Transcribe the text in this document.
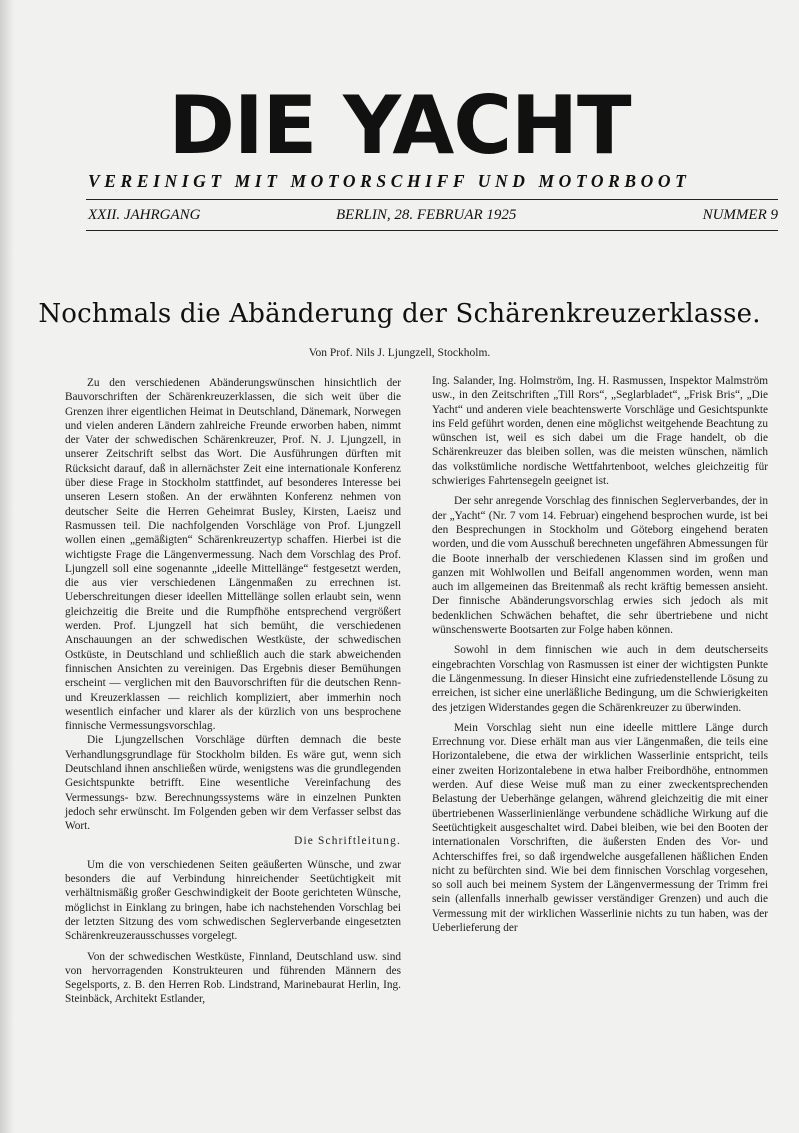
DIE YACHT
VEREINIGT MIT MOTORSCHIFF UND MOTORBOOT
XXII. JAHRGANG	BERLIN, 28. FEBRUAR 1925	NUMMER 9
Nochmals die Abänderung der Schärenkreuzerklasse.
Von Prof. Nils J. Ljungzell, Stockholm.

Zu den verschiedenen Abänderungswünschen hinsichtlich der Bauvorschriften der Schärenkreuzerklassen, die sich weit über die Grenzen ihrer eigentlichen Heimat in Deutschland, Dänemark, Norwegen und vielen anderen Ländern zahlreiche Freunde erworben haben, nimmt der Vater der schwedischen Schärenkreuzer, Prof. N. J. Ljungzell, in unserer Zeitschrift selbst das Wort. Die Ausführungen dürften mit Rücksicht darauf, daß in allernächster Zeit eine internationale Konferenz über diese Frage in Stockholm stattfindet, auf besonderes Interesse bei unseren Lesern stoßen. An der erwähnten Konferenz nehmen von deutscher Seite die Herren Geheimrat Busley, Kirsten, Laeisz und Rasmussen teil. Die nachfolgenden Vorschläge von Prof. Ljungzell wollen einen „gemäßigten“ Schärenkreuzertyp schaffen. Hierbei ist die wichtigste Frage die Längenvermessung. Nach dem Vorschlag des Prof. Ljungzell soll eine sogenannte „ideelle Mittellänge“ festgesetzt werden, die aus vier verschiedenen Längenmaßen zu errechnen ist. Ueberschreitungen dieser ideellen Mittellänge sollen erlaubt sein, wenn gleichzeitig die Breite und die Rumpfhöhe entsprechend vergrößert werden. Prof. Ljungzell hat sich bemüht, die verschiedenen Anschauungen an der schwedischen Westküste, der schwedischen Ostküste, in Deutschland und schließlich auch die stark abweichenden finnischen Ansichten zu vereinigen. Das Ergebnis dieser Bemühungen erscheint — verglichen mit den Bauvorschriften für die deutschen Renn- und Kreuzerklassen — reichlich kompliziert, aber immerhin noch wesentlich einfacher und klarer als der kürzlich von uns besprochene finnische Vermessungsvorschlag.

Die Ljungzellschen Vorschläge dürften demnach die beste Verhandlungsgrundlage für Stockholm bilden. Es wäre gut, wenn sich Deutschland ihnen anschließen würde, wenigstens was die grundlegenden Gesichtspunkte betrifft. Eine wesentliche Vereinfachung des Vermessungs- bzw. Berechnungssystems wäre in einzelnen Punkten jedoch sehr erwünscht. Im Folgenden geben wir dem Verfasser selbst das Wort.

Die Schriftleitung.

Um die von verschiedenen Seiten geäußerten Wünsche, und zwar besonders die auf Verbindung hinreichender Seetüchtigkeit mit verhältnismäßig großer Geschwindigkeit der Boote gerichteten Wünsche, möglichst in Einklang zu bringen, habe ich nachstehenden Vorschlag bei der letzten Sitzung des vom schwedischen Seglerverbande eingesetzten Schärenkreuzerausschusses vorgelegt.

Von der schwedischen Westküste, Finnland, Deutschland usw. sind von hervorragenden Konstrukteuren und führenden Männern des Segelsports, z. B. den Herren Rob. Lindstrand, Marinebaurat Herlin, Ing. Steinbäck, Architekt Estlander,

Ing. Salander, Ing. Holmström, Ing. H. Rasmussen, Inspektor Malmström usw., in den Zeitschriften „Till Rors“, „Seglarbladet“, „Frisk Bris“, „Die Yacht“ und anderen viele beachtenswerte Vorschläge und Gesichtspunkte ins Feld geführt worden, denen eine möglichst weitgehende Beachtung zu wünschen ist, weil es sich dabei um die Frage handelt, ob die Schärenkreuzer das bleiben sollen, was die meisten wünschen, nämlich das volkstümliche nordische Wettfahrtenboot, welches gleichzeitig für schwieriges Fahrtensegeln geeignet ist.

Der sehr anregende Vorschlag des finnischen Seglerverbandes, der in der „Yacht“ (Nr. 7 vom 14. Februar) eingehend besprochen wurde, ist bei den Besprechungen in Stockholm und Göteborg eingehend beraten worden, und die vom Ausschuß berechneten ungefähren Abmessungen für die Boote innerhalb der verschiedenen Klassen sind im großen und ganzen mit Wohlwollen und Beifall angenommen worden, wenn man auch im allgemeinen das Breitenmaß als recht kräftig bemessen ansieht. Der finnische Abänderungsvorschlag erwies sich jedoch als mit bedenklichen Schwächen behaftet, die sehr übertriebene und nicht wünschenswerte Bootsarten zur Folge haben können.

Sowohl in dem finnischen wie auch in dem deutscherseits eingebrachten Vorschlag von Rasmussen ist einer der wichtigsten Punkte die Längenmessung. In dieser Hinsicht eine zufriedenstellende Lösung zu erreichen, ist sicher eine unerläßliche Bedingung, um die Schwierigkeiten des jetzigen Widerstandes gegen die Schärenkreuzer zu überwinden.

Mein Vorschlag sieht nun eine ideelle mittlere Länge durch Errechnung vor. Diese erhält man aus vier Längenmaßen, die teils eine Horizontalebene, die etwa der wirklichen Wasserlinie entspricht, teils einer zweiten Horizontalebene in etwa halber Freibordhöhe, entnommen werden. Auf diese Weise muß man zu einer zweckentsprechenden Belastung der Ueberhänge gelangen, während gleichzeitig die mit einer übertriebenen Wasserlinienlänge verbundene schädliche Wirkung auf die Seetüchtigkeit ausgeschaltet wird. Dabei bleiben, wie bei den Booten der internationalen Vorschriften, die äußersten Enden des Vor- und Achterschiffes frei, so daß irgendwelche ausgefallenen häßlichen Enden nicht zu befürchten sind. Wie bei dem finnischen Vorschlag vorgesehen, so soll auch bei meinem System der Längenvermessung der Trimm frei sein (allenfalls innerhalb gewisser verständiger Grenzen) und auch die Vermessung mit der wirklichen Wasserlinie nichts zu tun haben, was der Ueberlieferung der
